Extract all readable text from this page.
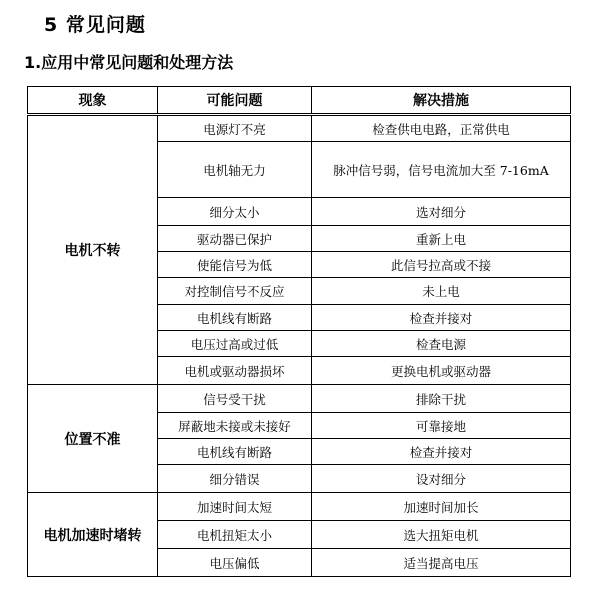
5 常见问题
1.应用中常见问题和处理方法
现象	可能问题	解决措施
电机不转	电源灯不亮	检查供电电路，正常供电
	电机轴无力	脉冲信号弱，信号电流加大至 7-16mA
	细分太小	选对细分
	驱动器已保护	重新上电
	使能信号为低	此信号拉高或不接
	对控制信号不反应	未上电
	电机线有断路	检查并接对
	电压过高或过低	检查电源
	电机或驱动器损坏	更换电机或驱动器
位置不准	信号受干扰	排除干扰
	屏蔽地未接或未接好	可靠接地
	电机线有断路	检查并接对
	细分错误	设对细分
电机加速时堵转	加速时间太短	加速时间加长
	电机扭矩太小	选大扭矩电机
	电压偏低	适当提高电压
